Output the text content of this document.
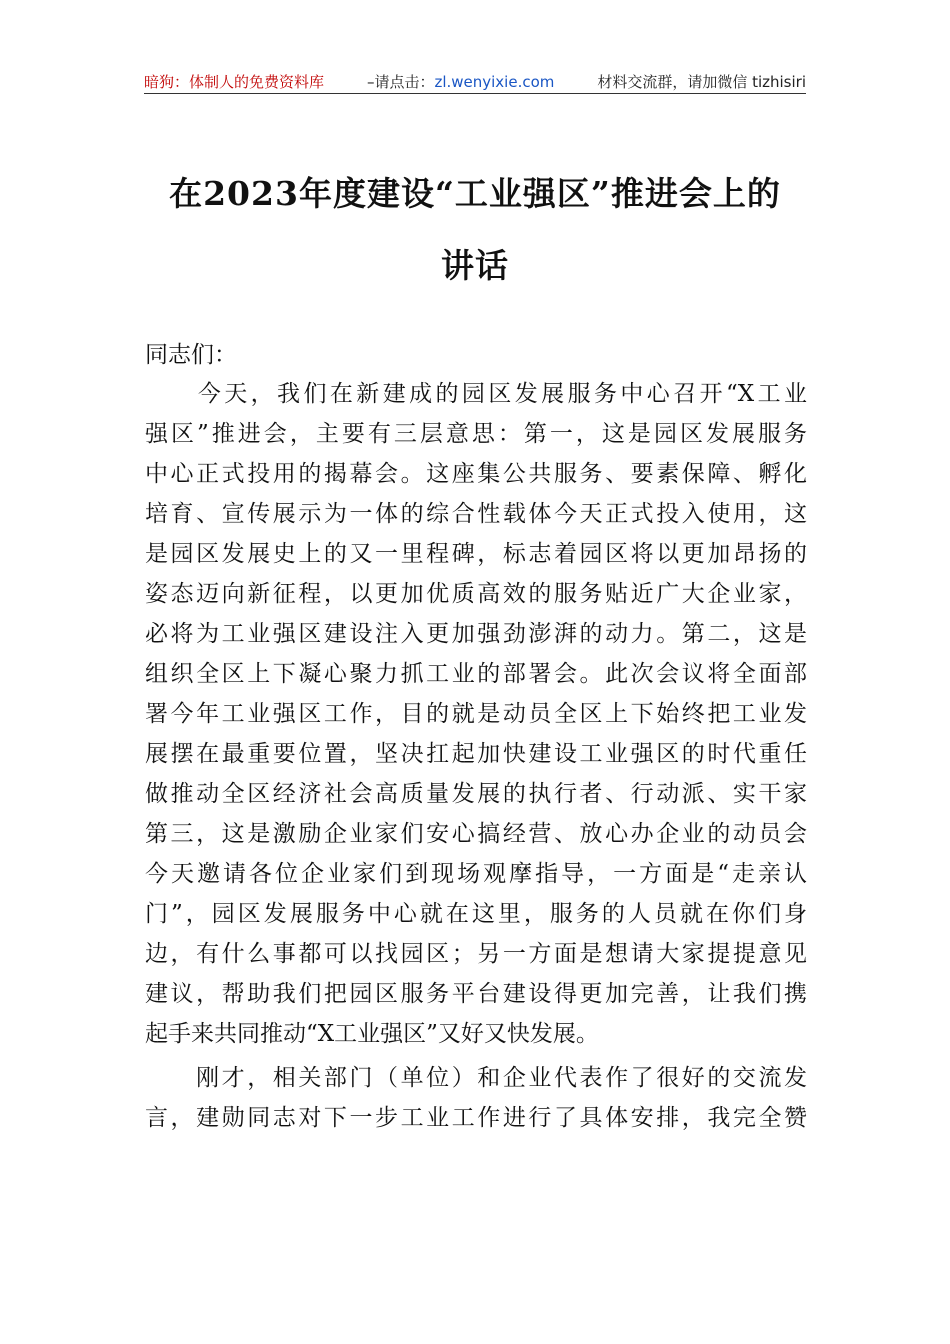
暗狗：体制人的免费资料库	–请点击：zl.wenyixie.com	材料交流群，请加微信 tizhisiri
在2023年度建设“工业强区”推进会上的
讲话
同志们：
　　今天，我们在新建成的园区发展服务中心召开“X工业
强区”推进会，主要有三层意思：第一，这是园区发展服务
中心正式投用的揭幕会。这座集公共服务、要素保障、孵化
培育、宣传展示为一体的综合性载体今天正式投入使用，这
是园区发展史上的又一里程碑，标志着园区将以更加昂扬的
姿态迈向新征程，以更加优质高效的服务贴近广大企业家，
必将为工业强区建设注入更加强劲澎湃的动力。第二，这是
组织全区上下凝心聚力抓工业的部署会。此次会议将全面部
署今年工业强区工作，目的就是动员全区上下始终把工业发
展摆在最重要位置，坚决扛起加快建设工业强区的时代重任
做推动全区经济社会高质量发展的执行者、行动派、实干家
第三，这是激励企业家们安心搞经营、放心办企业的动员会
今天邀请各位企业家们到现场观摩指导，一方面是“走亲认
门”，园区发展服务中心就在这里，服务的人员就在你们身
边，有什么事都可以找园区；另一方面是想请大家提提意见
建议，帮助我们把园区服务平台建设得更加完善，让我们携
起手来共同推动“X工业强区”又好又快发展。
　　刚才，相关部门（单位）和企业代表作了很好的交流发
言，建勋同志对下一步工业工作进行了具体安排，我完全赞
